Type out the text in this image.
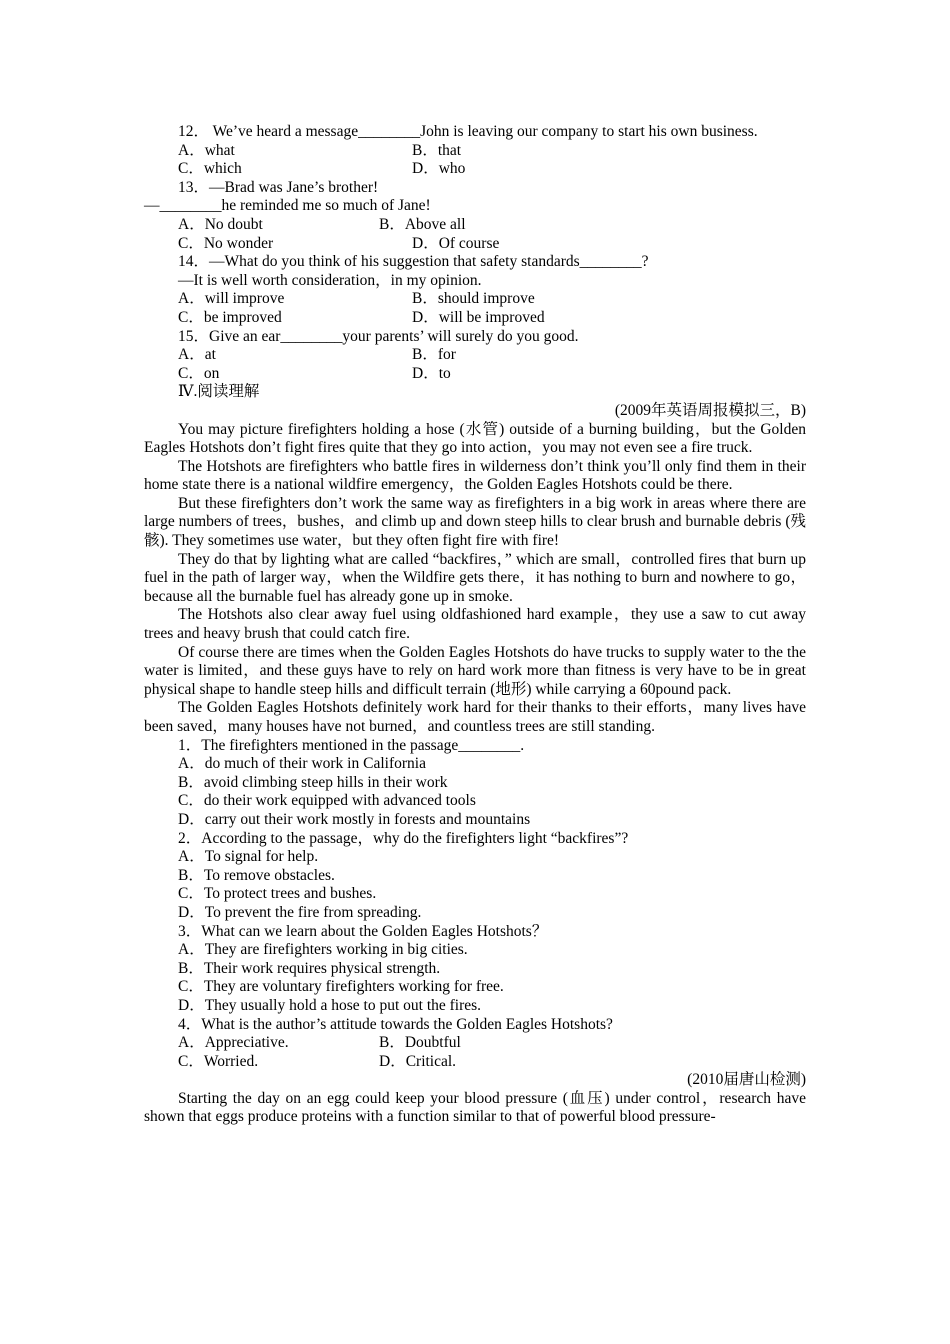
12． We’ve heard a message________John is leaving our company to start his own business.
A．what	B．that
C．which	D．who
13．—Brad was Jane’s brother!
—________he reminded me so much of Jane!
A．No doubt	B．Above all
C．No wonder	D．Of course
14．—What do you think of his suggestion that safety standards________?
—It is well worth consideration，in my opinion.
A．will improve	B．should improve
C．be improved	D．will be improved
15．Give an ear________your parents’ will surely do you good.
A．at	B．for
C．on	D．to
Ⅳ.阅读理解
(2009年英语周报模拟三，B)
You may picture firefighters holding a hose (水管) outside of a burning building，but the Golden Eagles Hotshots don’t fight fires quite that they go into action，you may not even see a fire truck.
The Hotshots are firefighters who battle fires in wilderness don’t think you’ll only find them in their home state there is a national wildfire emergency，the Golden Eagles Hotshots could be there.
But these firefighters don’t work the same way as firefighters in a big work in areas where there are large numbers of trees，bushes，and climb up and down steep hills to clear brush and burnable debris (残骸). They sometimes use water，but they often fight fire with fire!
They do that by lighting what are called “backfires，” which are small，controlled fires that burn up fuel in the path of larger way，when the Wildfire gets there，it has nothing to burn and nowhere to go，because all the burnable fuel has already gone up in smoke.
The Hotshots also clear away fuel using oldfashioned hard example，they use a saw to cut away trees and heavy brush that could catch fire.
Of course there are times when the Golden Eagles Hotshots do have trucks to supply water to the the water is limited，and these guys have to rely on hard work more than fitness is very have to be in great physical shape to handle steep hills and difficult terrain (地形) while carrying a 60pound pack.
The Golden Eagles Hotshots definitely work hard for their thanks to their efforts，many lives have been saved，many houses have not burned，and countless trees are still standing.
1．The firefighters mentioned in the passage________.
A．do much of their work in California
B．avoid climbing steep hills in their work
C．do their work equipped with advanced tools
D．carry out their work mostly in forests and mountains
2．According to the passage，why do the firefighters light “backfires”?
A．To signal for help.
B．To remove obstacles.
C．To protect trees and bushes.
D．To prevent the fire from spreading.
3．What can we learn about the Golden Eagles Hotshots？
A．They are firefighters working in big cities.
B．Their work requires physical strength.
C．They are voluntary firefighters working for free.
D．They usually hold a hose to put out the fires.
4．What is the author’s attitude towards the Golden Eagles Hotshots?
A．Appreciative.	B．Doubtful
C．Worried.	D．Critical.
(2010届唐山检测)
Starting the day on an egg could keep your blood pressure (血压) under control，research have shown that eggs produce proteins with a function similar to that of powerful blood pressure-
